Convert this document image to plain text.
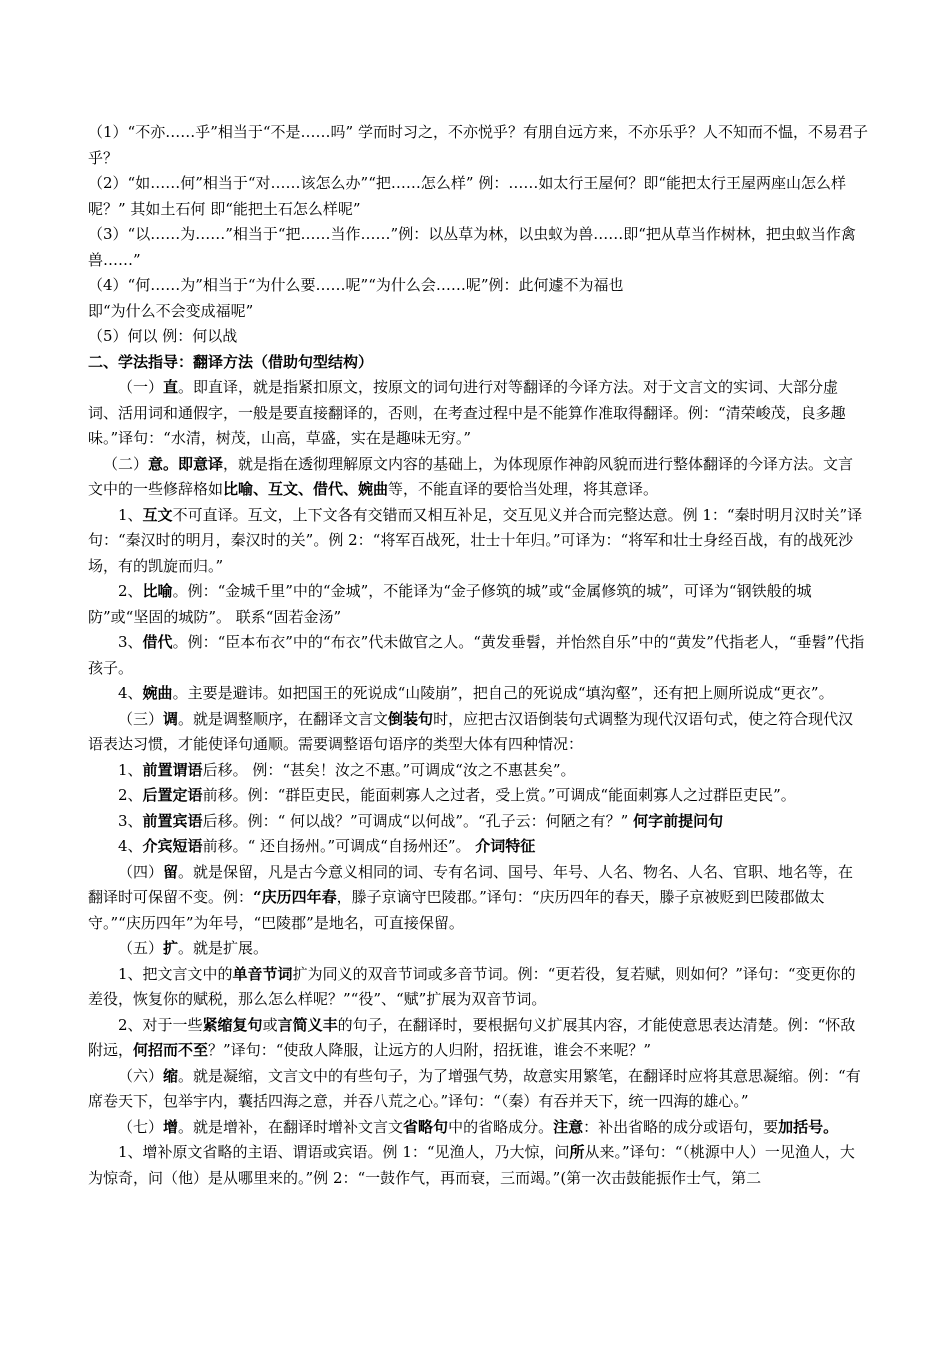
（1）“不亦……乎”相当于“不是……吗” 学而时习之，不亦悦乎？有朋自远方来，不亦乐乎？人不知而不愠，不易君子乎？

（2）“如……何”相当于“对……该怎么办”“把……怎么样” 例：……如太行王屋何？即“能把太行王屋两座山怎么样呢？” 其如土石何 即“能把土石怎么样呢”

（3）“以……为……”相当于“把……当作……”例：以丛草为林，以虫蚁为兽……即“把从草当作树林，把虫蚁当作禽兽……”

（4）“何……为”相当于“为什么要……呢”“为什么会……呢”例：此何遽不为福也

即“为什么不会变成福呢”

（5）何以 例：何以战

二、学法指导：翻译方法（借助句型结构）

（一）直。即直译，就是指紧扣原文，按原文的词句进行对等翻译的今译方法。对于文言文的实词、大部分虚词、活用词和通假字，一般是要直接翻译的，否则，在考查过程中是不能算作准取得翻译。例：“清荣峻茂，良多趣味。”译句：“水清，树茂，山高，草盛，实在是趣味无穷。”

（二）意。即意译，就是指在透彻理解原文内容的基础上，为体现原作神韵风貌而进行整体翻译的今译方法。文言文中的一些修辞格如比喻、互文、借代、婉曲等，不能直译的要恰当处理，将其意译。

1、互文不可直译。互文，上下文各有交错而又相互补足，交互见义并合而完整达意。例 1：“秦时明月汉时关”译句：“秦汉时的明月，秦汉时的关”。例 2：“将军百战死，壮士十年归。”可译为：“将军和壮士身经百战，有的战死沙场，有的凯旋而归。”

2、比喻。例：“金城千里”中的“金城”，不能译为“金子修筑的城”或“金属修筑的城”，可译为“钢铁般的城防”或“坚固的城防”。 联系“固若金汤”

3、借代。例：“臣本布衣”中的“布衣”代未做官之人。“黄发垂髫，并怡然自乐”中的“黄发”代指老人，“垂髫”代指孩子。

4、婉曲。主要是避讳。如把国王的死说成“山陵崩”，把自己的死说成“填沟壑”，还有把上厕所说成“更衣”。

（三）调。就是调整顺序，在翻译文言文倒装句时，应把古汉语倒装句式调整为现代汉语句式，使之符合现代汉语表达习惯，才能使译句通顺。需要调整语句语序的类型大体有四种情况：

1、前置谓语后移。 例：“甚矣！汝之不惠。”可调成“汝之不惠甚矣”。

2、后置定语前移。例：“群臣吏民，能面刺寡人之过者，受上赏。”可调成“能面刺寡人之过群臣吏民”。

3、前置宾语后移。例：“ 何以战？”可调成“以何战”。“孔子云：何陋之有？” 何字前提问句

4、介宾短语前移。“ 还自扬州。”可调成“自扬州还”。 介词特征

（四）留。就是保留，凡是古今意义相同的词、专有名词、国号、年号、人名、物名、人名、官职、地名等，在翻译时可保留不变。例：“庆历四年春，滕子京谪守巴陵郡。”译句：“庆历四年的春天，滕子京被贬到巴陵郡做太守。”“庆历四年”为年号，“巴陵郡”是地名，可直接保留。

（五）扩。就是扩展。

1、把文言文中的单音节词扩为同义的双音节词或多音节词。例：“更若役，复若赋，则如何？”译句：“变更你的差役，恢复你的赋税，那么怎么样呢？”“役”、“赋”扩展为双音节词。

2、对于一些紧缩复句或言简义丰的句子，在翻译时，要根据句义扩展其内容，才能使意思表达清楚。例：“怀敌附远，何招而不至？”译句：“使敌人降服，让远方的人归附，招抚谁，谁会不来呢？”

（六）缩。就是凝缩，文言文中的有些句子，为了增强气势，故意实用繁笔，在翻译时应将其意思凝缩。例：“有席卷天下，包举宇内，囊括四海之意，并吞八荒之心。”译句：“（秦）有吞并天下，统一四海的雄心。”

（七）增。就是增补，在翻译时增补文言文省略句中的省略成分。注意：补出省略的成分或语句，要加括号。

1、增补原文省略的主语、谓语或宾语。例 1：“见渔人，乃大惊，问所从来。”译句：“（桃源中人）一见渔人，大为惊奇，问（他）是从哪里来的。”例 2：“一鼓作气，再而衰，三而竭。”(第一次击鼓能振作士气，第二
